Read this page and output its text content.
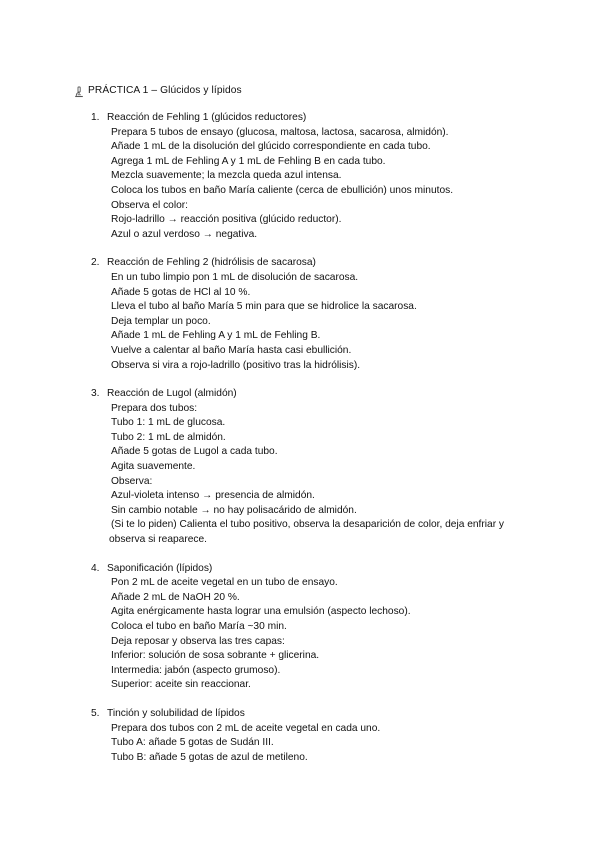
PRÁCTICA 1 – Glúcidos y lípidos
1. Reacción de Fehling 1 (glúcidos reductores)
Prepara 5 tubos de ensayo (glucosa, maltosa, lactosa, sacarosa, almidón).
Añade 1 mL de la disolución del glúcido correspondiente en cada tubo.
Agrega 1 mL de Fehling A y 1 mL de Fehling B en cada tubo.
Mezcla suavemente; la mezcla queda azul intensa.
Coloca los tubos en baño María caliente (cerca de ebullición) unos minutos.
Observa el color:
Rojo-ladrillo → reacción positiva (glúcido reductor).
Azul o azul verdoso → negativa.
2. Reacción de Fehling 2 (hidrólisis de sacarosa)
En un tubo limpio pon 1 mL de disolución de sacarosa.
Añade 5 gotas de HCl al 10 %.
Lleva el tubo al baño María 5 min para que se hidrolice la sacarosa.
Deja templar un poco.
Añade 1 mL de Fehling A y 1 mL de Fehling B.
Vuelve a calentar al baño María hasta casi ebullición.
Observa si vira a rojo-ladrillo (positivo tras la hidrólisis).
3. Reacción de Lugol (almidón)
Prepara dos tubos:
Tubo 1: 1 mL de glucosa.
Tubo 2: 1 mL de almidón.
Añade 5 gotas de Lugol a cada tubo.
Agita suavemente.
Observa:
Azul-violeta intenso → presencia de almidón.
Sin cambio notable → no hay polisacárido de almidón.
(Si te lo piden) Calienta el tubo positivo, observa la desaparición de color, deja enfriar y observa si reaparece.
4. Saponificación (lípidos)
Pon 2 mL de aceite vegetal en un tubo de ensayo.
Añade 2 mL de NaOH 20 %.
Agita enérgicamente hasta lograr una emulsión (aspecto lechoso).
Coloca el tubo en baño María ~30 min.
Deja reposar y observa las tres capas:
Inferior: solución de sosa sobrante + glicerina.
Intermedia: jabón (aspecto grumoso).
Superior: aceite sin reaccionar.
5. Tinción y solubilidad de lípidos
Prepara dos tubos con 2 mL de aceite vegetal en cada uno.
Tubo A: añade 5 gotas de Sudán III.
Tubo B: añade 5 gotas de azul de metileno.
